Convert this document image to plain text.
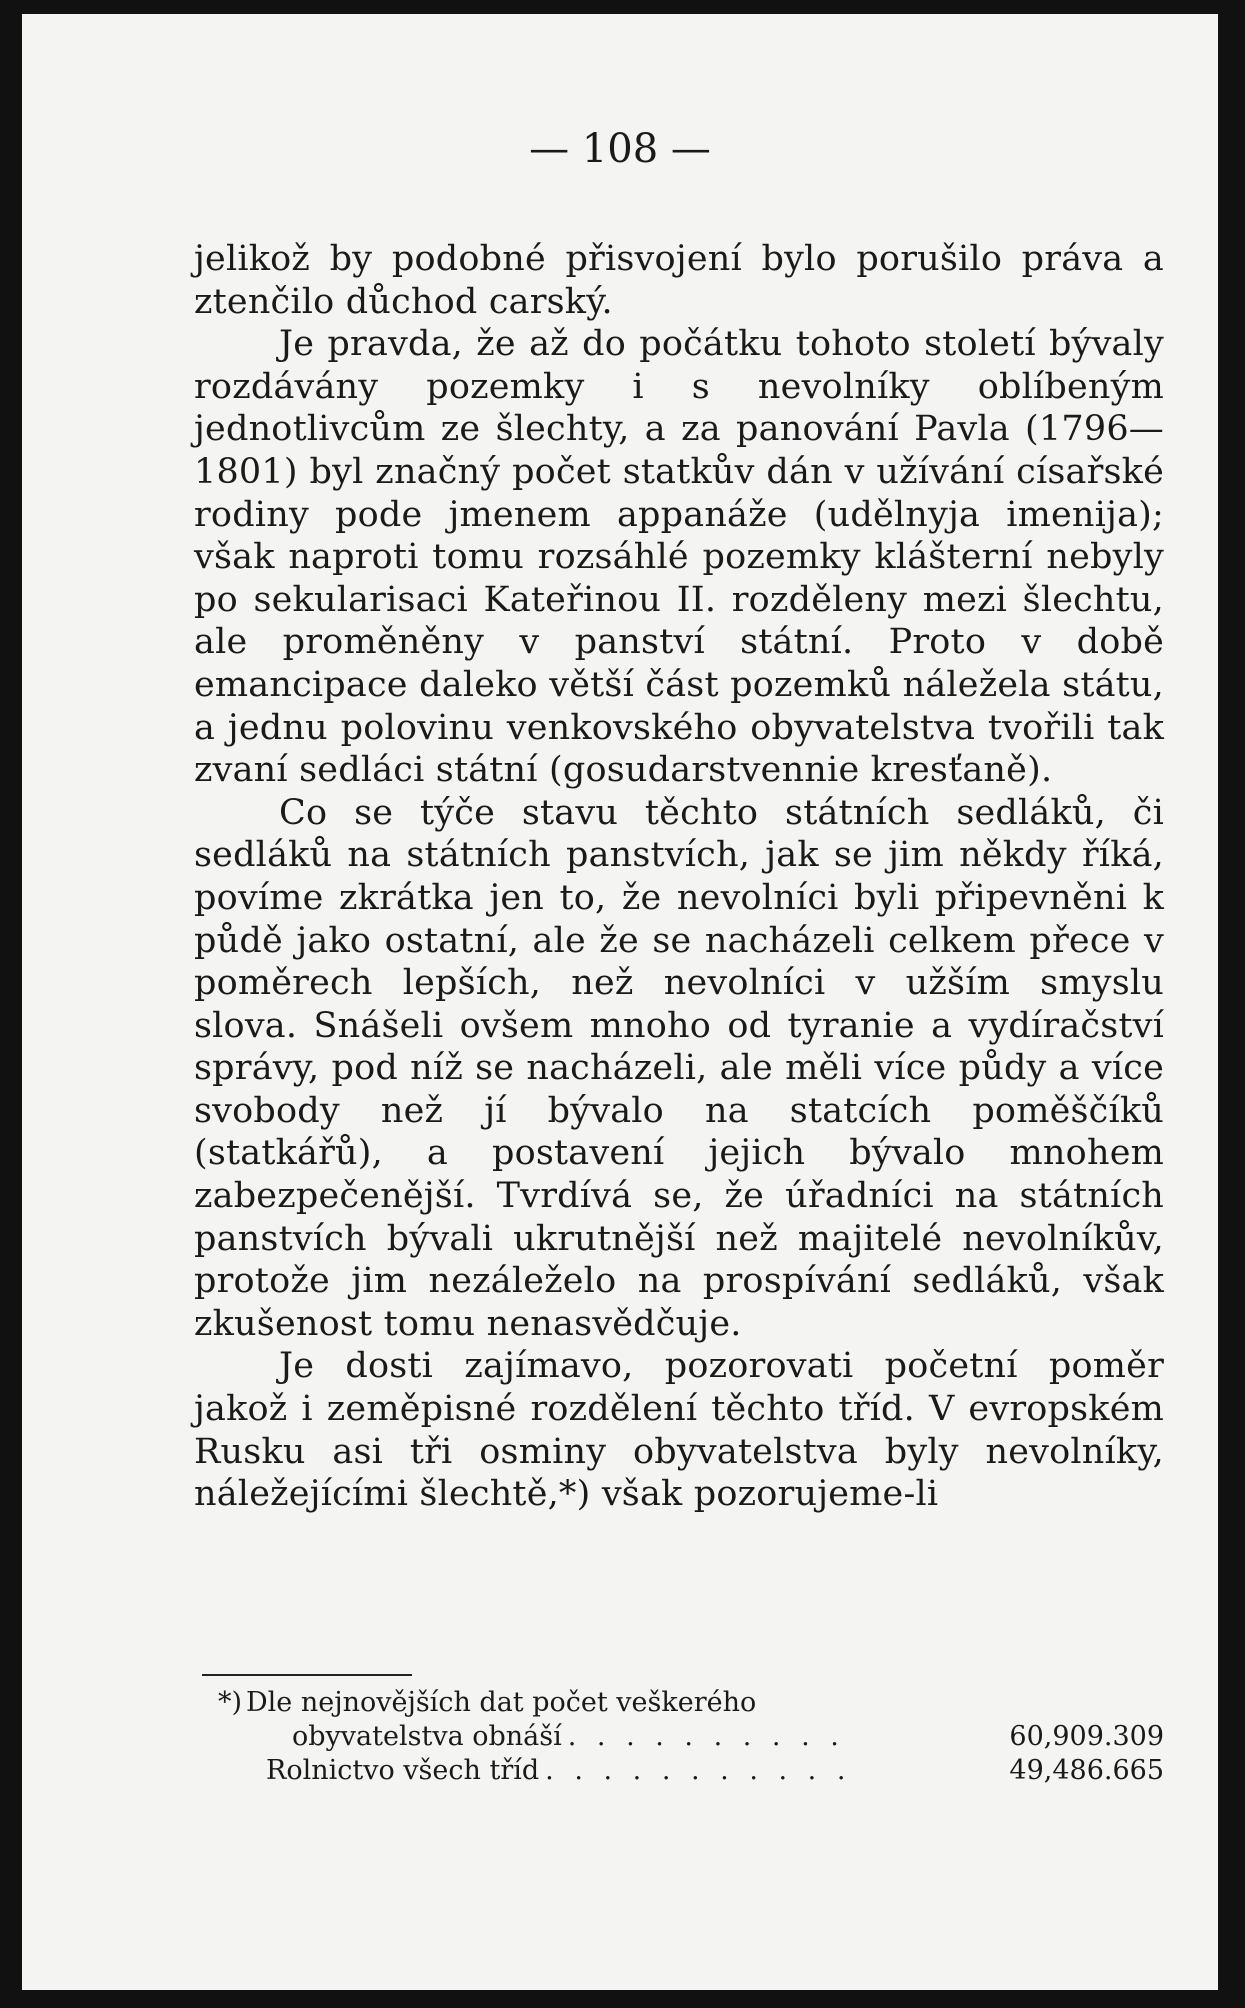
— 108 —

jelikož by podobné přisvojení bylo porušilo práva a ztenčilo důchod carský.

Je pravda, že až do počátku tohoto století bývaly rozdávány pozemky i s nevolníky oblíbeným jednotlivcům ze šlechty, a za panování Pavla (1796—1801) byl značný počet statkův dán v užívání císařské rodiny pode jmenem appanáže (udělnyja imenija); však naproti tomu rozsáhlé pozemky klášterní nebyly po sekularisaci Kateřinou II. rozděleny mezi šlechtu, ale proměněny v panství státní. Proto v době emancipace daleko větší část pozemků náležela státu, a jednu polovinu venkovského obyvatelstva tvořili tak zvaní sedláci státní (gosudarstvennie kresťaně).

Co se týče stavu těchto státních sedláků, či sedláků na státních panstvích, jak se jim někdy říká, povíme zkrátka jen to, že nevolníci byli připevněni k půdě jako ostatní, ale že se nacházeli celkem přece v poměrech lepších, než nevolníci v užším smyslu slova. Snášeli ovšem mnoho od tyranie a vydíračství správy, pod níž se nacházeli, ale měli více půdy a více svobody než jí bývalo na statcích poměščíků (statkářů), a postavení jejich bývalo mnohem zabezpečenější. Tvrdívá se, že úřadníci na státních panstvích bývali ukrutnější než majitelé nevolníkův, protože jim nezáleželo na prospívání sedláků, však zkušenost tomu nenasvědčuje.

Je dosti zajímavo, pozorovati početní poměr jakož i zeměpisné rozdělení těchto tříd. V evropském Rusku asi tři osminy obyvatelstva byly nevolníky, náležejícími šlechtě,*) však pozorujeme-li

*) Dle nejnovějších dat počet veškerého
obyvatelstva obnáší . . . . . . . . . .	60,909.309
Rolnictvo všech tříd . . . . . . . . . . .	49,486.665
